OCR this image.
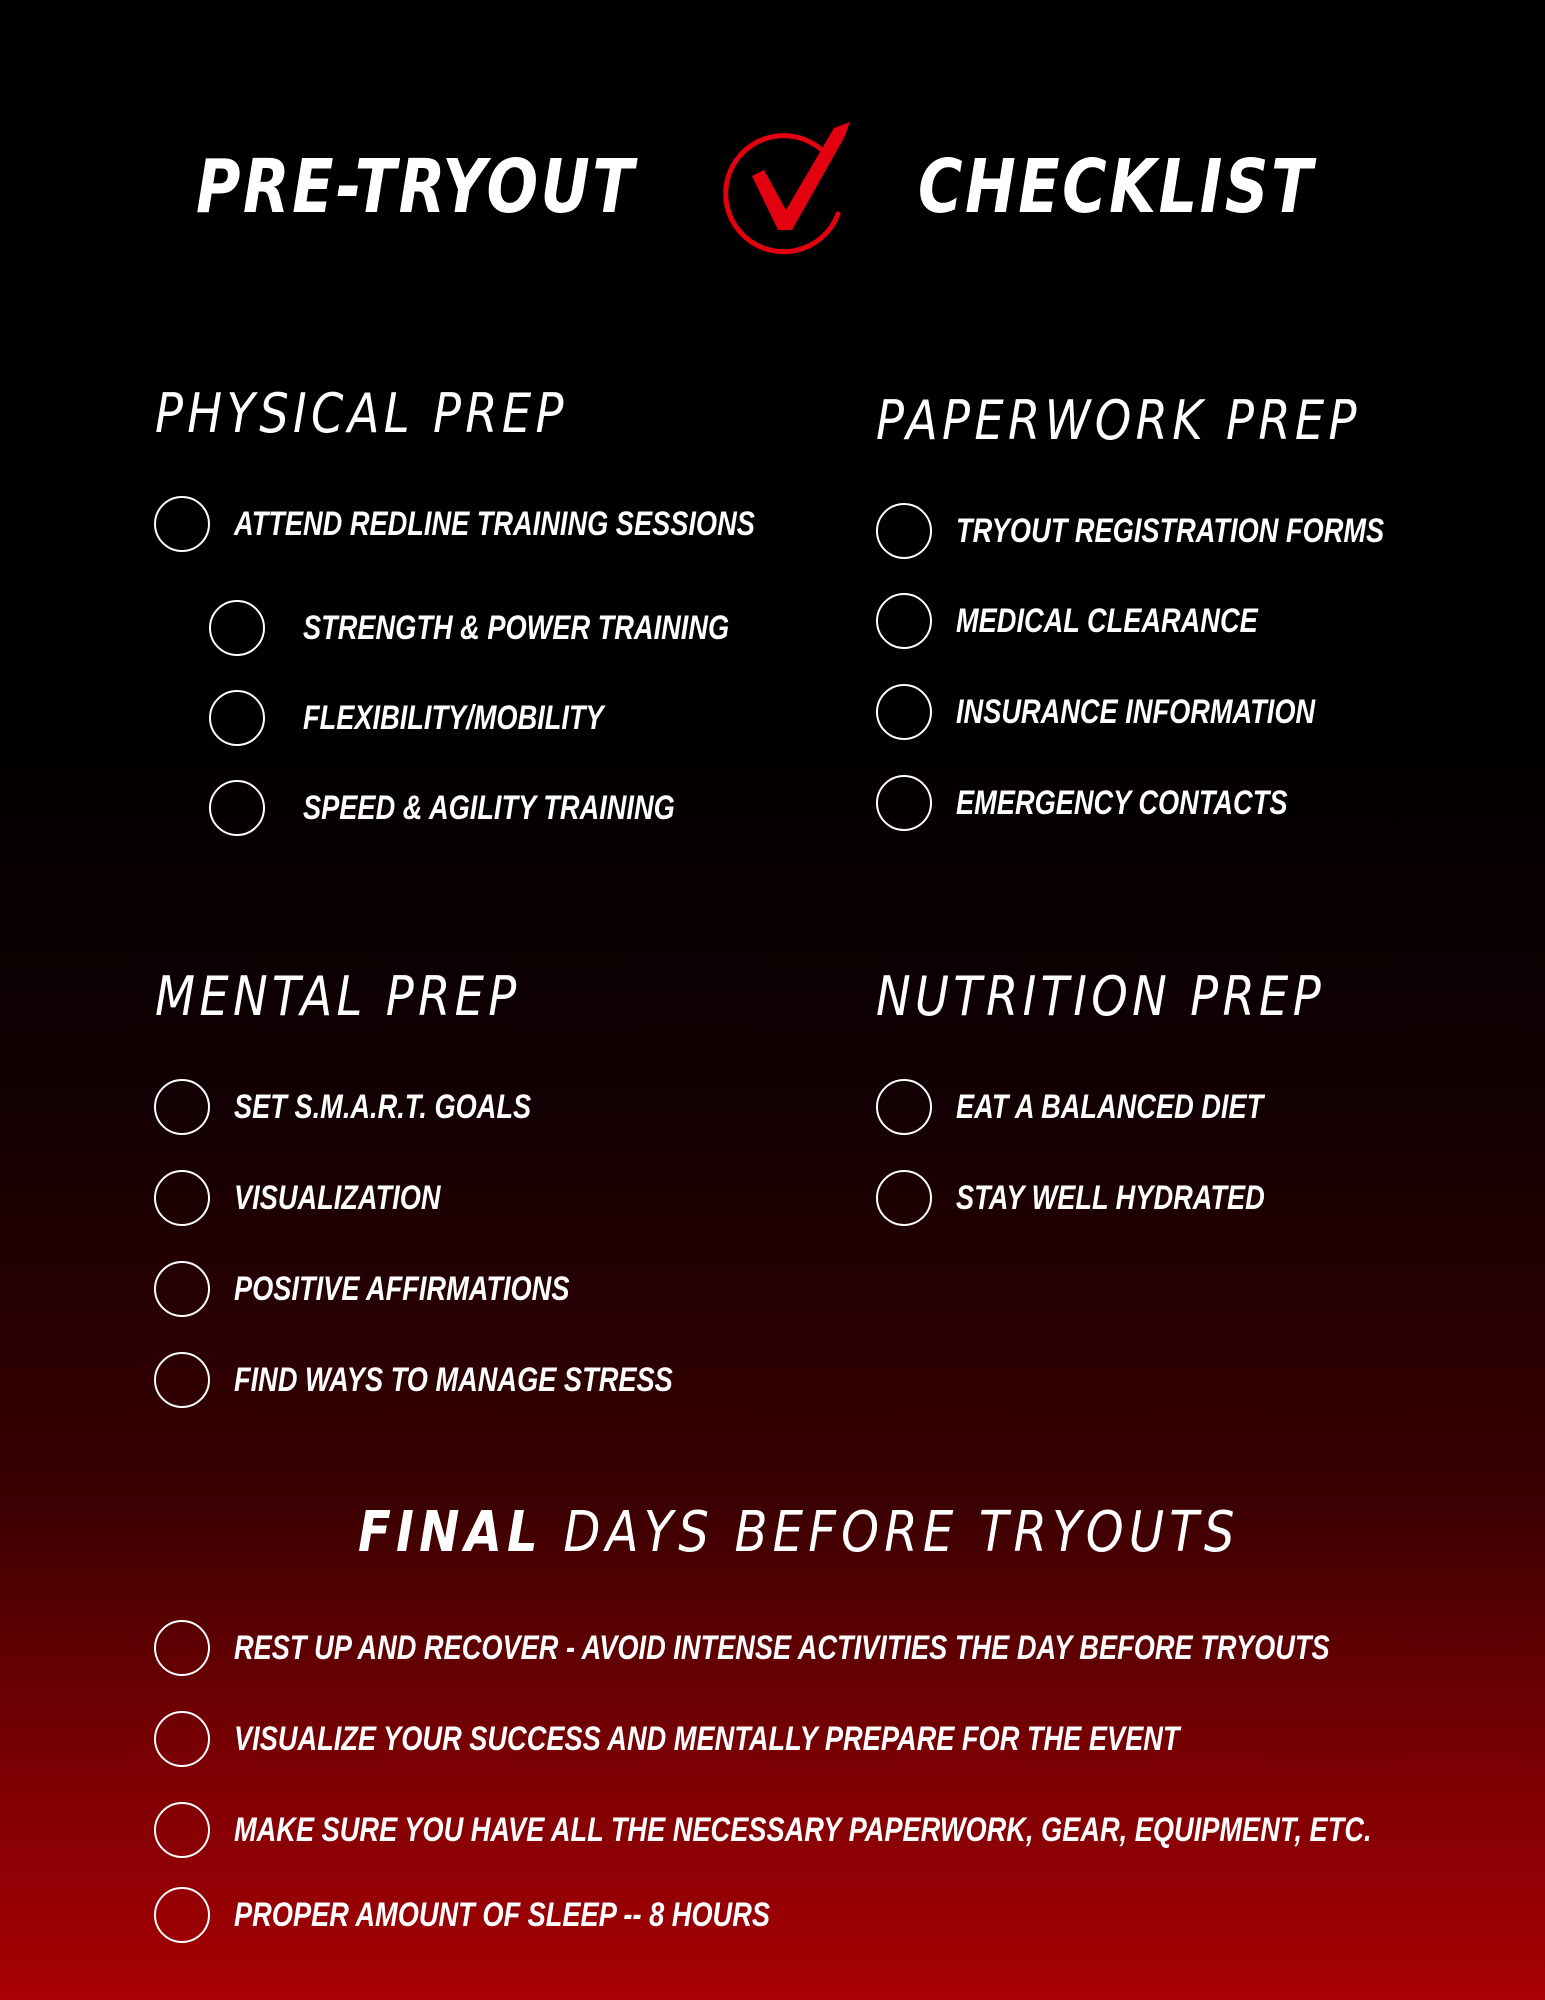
PRE-TRYOUT	CHECKLIST
PHYSICAL PREP
ATTEND REDLINE TRAINING SESSIONS
STRENGTH & POWER TRAINING
FLEXIBILITY/MOBILITY
SPEED & AGILITY TRAINING
PAPERWORK PREP
TRYOUT REGISTRATION FORMS
MEDICAL CLEARANCE
INSURANCE INFORMATION
EMERGENCY CONTACTS
MENTAL PREP
SET S.M.A.R.T. GOALS
VISUALIZATION
POSITIVE AFFIRMATIONS
FIND WAYS TO MANAGE STRESS
NUTRITION PREP
EAT A BALANCED DIET
STAY WELL HYDRATED
FINAL DAYS BEFORE TRYOUTS
REST UP AND RECOVER - AVOID INTENSE ACTIVITIES THE DAY BEFORE TRYOUTS
VISUALIZE YOUR SUCCESS AND MENTALLY PREPARE FOR THE EVENT
MAKE SURE YOU HAVE ALL THE NECESSARY PAPERWORK, GEAR, EQUIPMENT, ETC.
PROPER AMOUNT OF SLEEP -- 8 HOURS
